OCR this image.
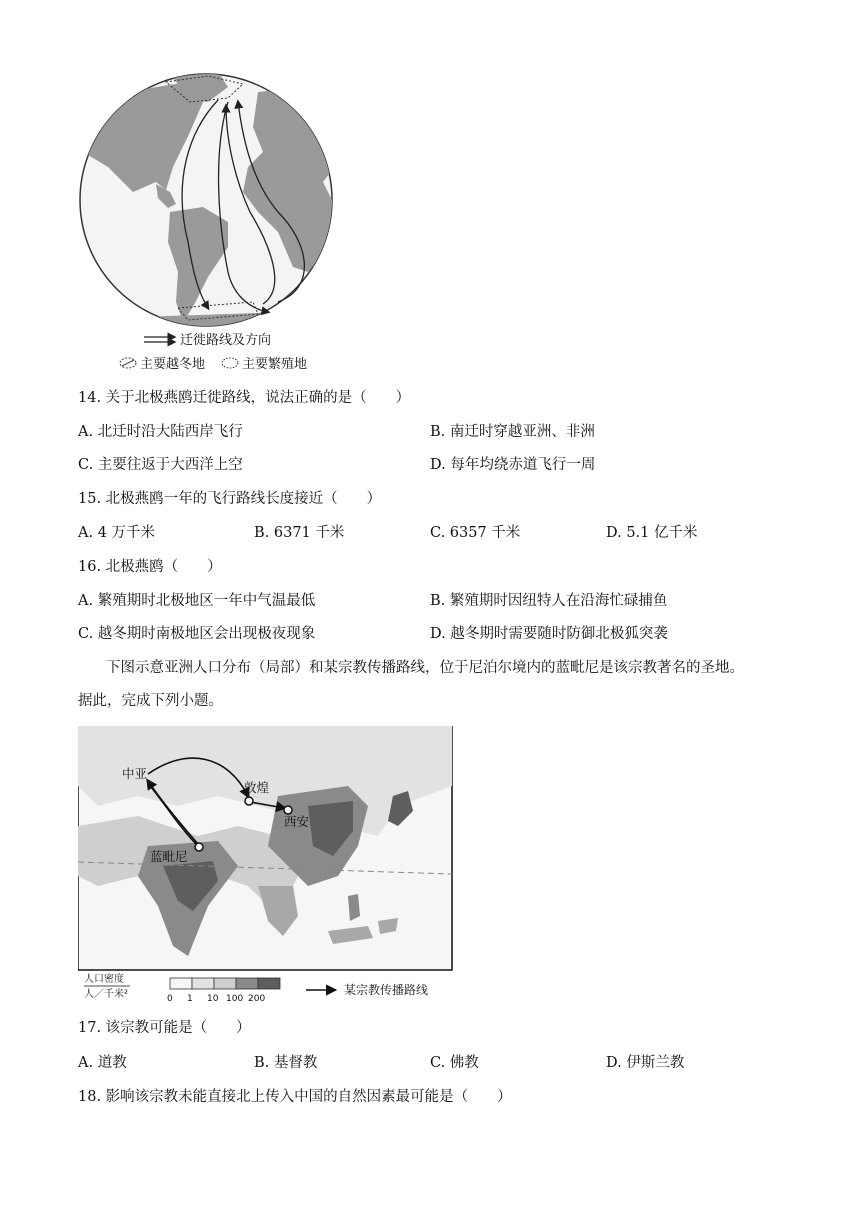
迁徙路线及方向
主要越冬地	主要繁殖地
14. 关于北极燕鸥迁徙路线，说法正确的是（　　）
A. 北迁时沿大陆西岸飞行	B. 南迁时穿越亚洲、非洲
C. 主要往返于大西洋上空	D. 每年均绕赤道飞行一周
15. 北极燕鸥一年的飞行路线长度接近（　　）
A. 4 万千米	B. 6371 千米	C. 6357 千米	D. 5.1 亿千米
16. 北极燕鸥（　　）
A. 繁殖期时北极地区一年中气温最低	B. 繁殖期时因纽特人在沿海忙碌捕鱼
C. 越冬期时南极地区会出现极夜现象	D. 越冬期时需要随时防御北极狐突袭
下图示意亚洲人口分布（局部）和某宗教传播路线，位于尼泊尔境内的蓝毗尼是该宗教著名的圣地。
据此，完成下列小题。
中亚
敦煌
西安
蓝毗尼
人口密度
人／千米²	0 1 10 100 200
某宗教传播路线
17. 该宗教可能是（　　）
A. 道教	B. 基督教	C. 佛教	D. 伊斯兰教
18. 影响该宗教未能直接北上传入中国的自然因素最可能是（　　）
